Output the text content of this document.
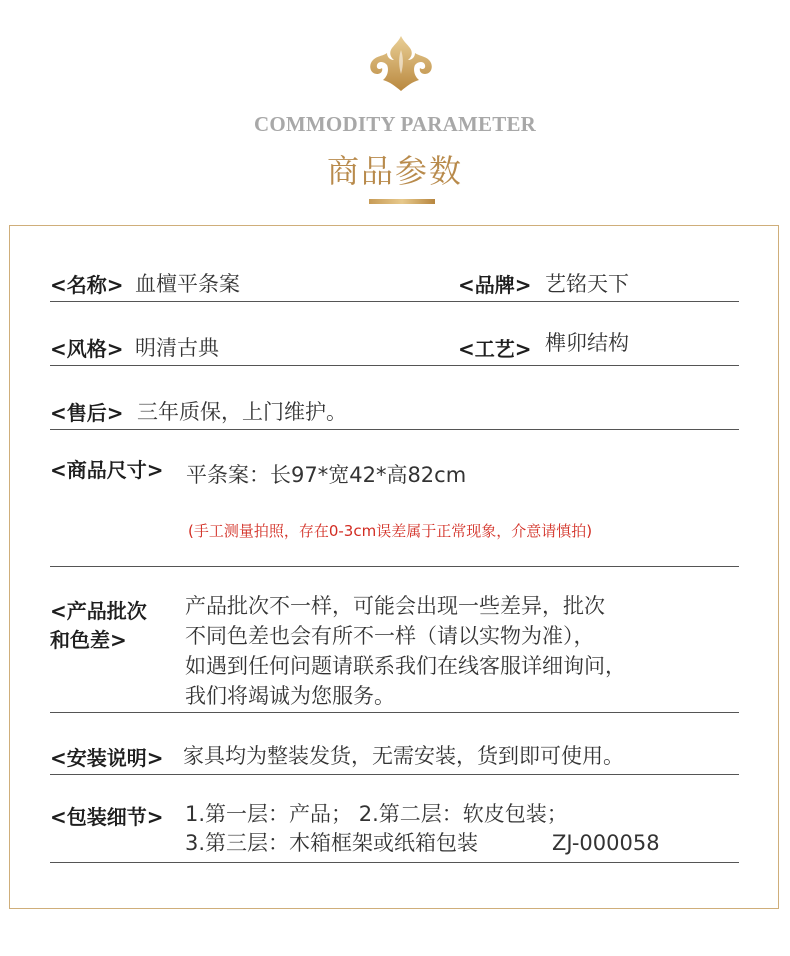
COMMODITY PARAMETER
商品参数
<名称> 血檀平条案	<品牌> 艺铭天下
<风格> 明清古典	<工艺> 榫卯结构
<售后> 三年质保，上门维护。
<商品尺寸> 平条案：长97*宽42*高82cm
(手工测量拍照，存在0-3cm误差属于正常现象，介意请慎拍)
<产品批次
和色差>
产品批次不一样，可能会出现一些差异，批次
不同色差也会有所不一样（请以实物为准），
如遇到任何问题请联系我们在线客服详细询问，
我们将竭诚为您服务。
<安装说明> 家具均为整装发货，无需安装，货到即可使用。
<包装细节> 1.第一层：产品； 2.第二层：软皮包装；
3.第三层：木箱框架或纸箱包装	ZJ-000058
